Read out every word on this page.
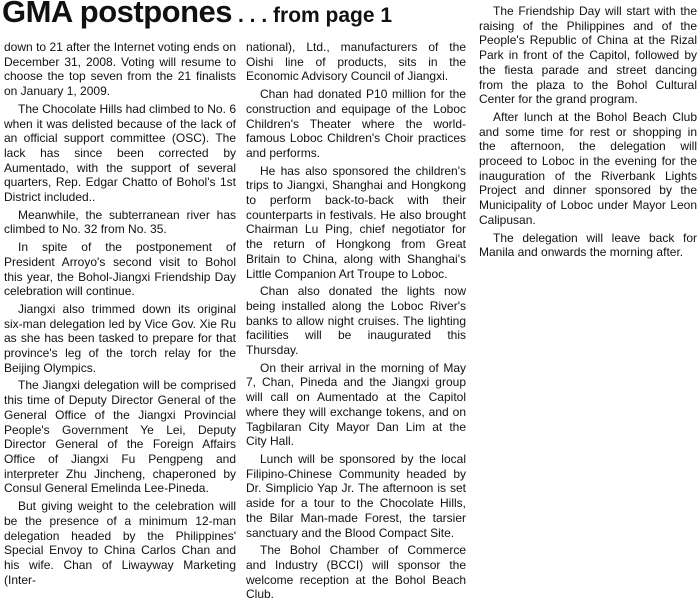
GMA postpones . . . from page 1

down to 21 after the Internet voting ends on December 31, 2008. Voting will resume to choose the top seven from the 21 finalists on January 1, 2009.

The Chocolate Hills had climbed to No. 6 when it was delisted because of the lack of an official support committee (OSC). The lack has since been corrected by Aumentado, with the support of several quarters, Rep. Edgar Chatto of Bohol's 1st District included..

Meanwhile, the subterranean river has climbed to No. 32 from No. 35.

In spite of the postponement of President Arroyo's second visit to Bohol this year, the Bohol-Jiangxi Friendship Day celebration will continue.

Jiangxi also trimmed down its original six-man delegation led by Vice Gov. Xie Ru as she has been tasked to prepare for that province's leg of the torch relay for the Beijing Olympics.

The Jiangxi delegation will be comprised this time of Deputy Director General of the General Office of the Jiangxi Provincial People's Government Ye Lei, Deputy Director General of the Foreign Affairs Office of Jiangxi Fu Pengpeng and interpreter Zhu Jincheng, chaperoned by Consul General Emelinda Lee-Pineda.

But giving weight to the celebration will be the presence of a minimum 12-man delegation headed by the Philippines' Special Envoy to China Carlos Chan and his wife. Chan of Liwayway Marketing (Inter-

national), Ltd., manufacturers of the Oishi line of products, sits in the Economic Advisory Council of Jiangxi.

Chan had donated P10 million for the construction and equipage of the Loboc Children's Theater where the world-famous Loboc Children's Choir practices and performs.

He has also sponsored the children's trips to Jiangxi, Shanghai and Hongkong to perform back-to-back with their counterparts in festivals. He also brought Chairman Lu Ping, chief negotiator for the return of Hongkong from Great Britain to China, along with Shanghai's Little Companion Art Troupe to Loboc.

Chan also donated the lights now being installed along the Loboc River's banks to allow night cruises. The lighting facilities will be inaugurated this Thursday.

On their arrival in the morning of May 7, Chan, Pineda and the Jiangxi group will call on Aumentado at the Capitol where they will exchange tokens, and on Tagbilaran City Mayor Dan Lim at the City Hall.

Lunch will be sponsored by the local Filipino-Chinese Community headed by Dr. Simplicio Yap Jr. The afternoon is set aside for a tour to the Chocolate Hills, the Bilar Man-made Forest, the tarsier sanctuary and the Blood Compact Site.

The Bohol Chamber of Commerce and Industry (BCCI) will sponsor the welcome reception at the Bohol Beach Club.

The Friendship Day will start with the raising of the Philippines and of the People's Republic of China at the Rizal Park in front of the Capitol, followed by the fiesta parade and street dancing from the plaza to the Bohol Cultural Center for the grand program.

After lunch at the Bohol Beach Club and some time for rest or shopping in the afternoon, the delegation will proceed to Loboc in the evening for the inauguration of the Riverbank Lights Project and dinner sponsored by the Municipality of Loboc under Mayor Leon Calipusan.

The delegation will leave back for Manila and onwards the morning after.
